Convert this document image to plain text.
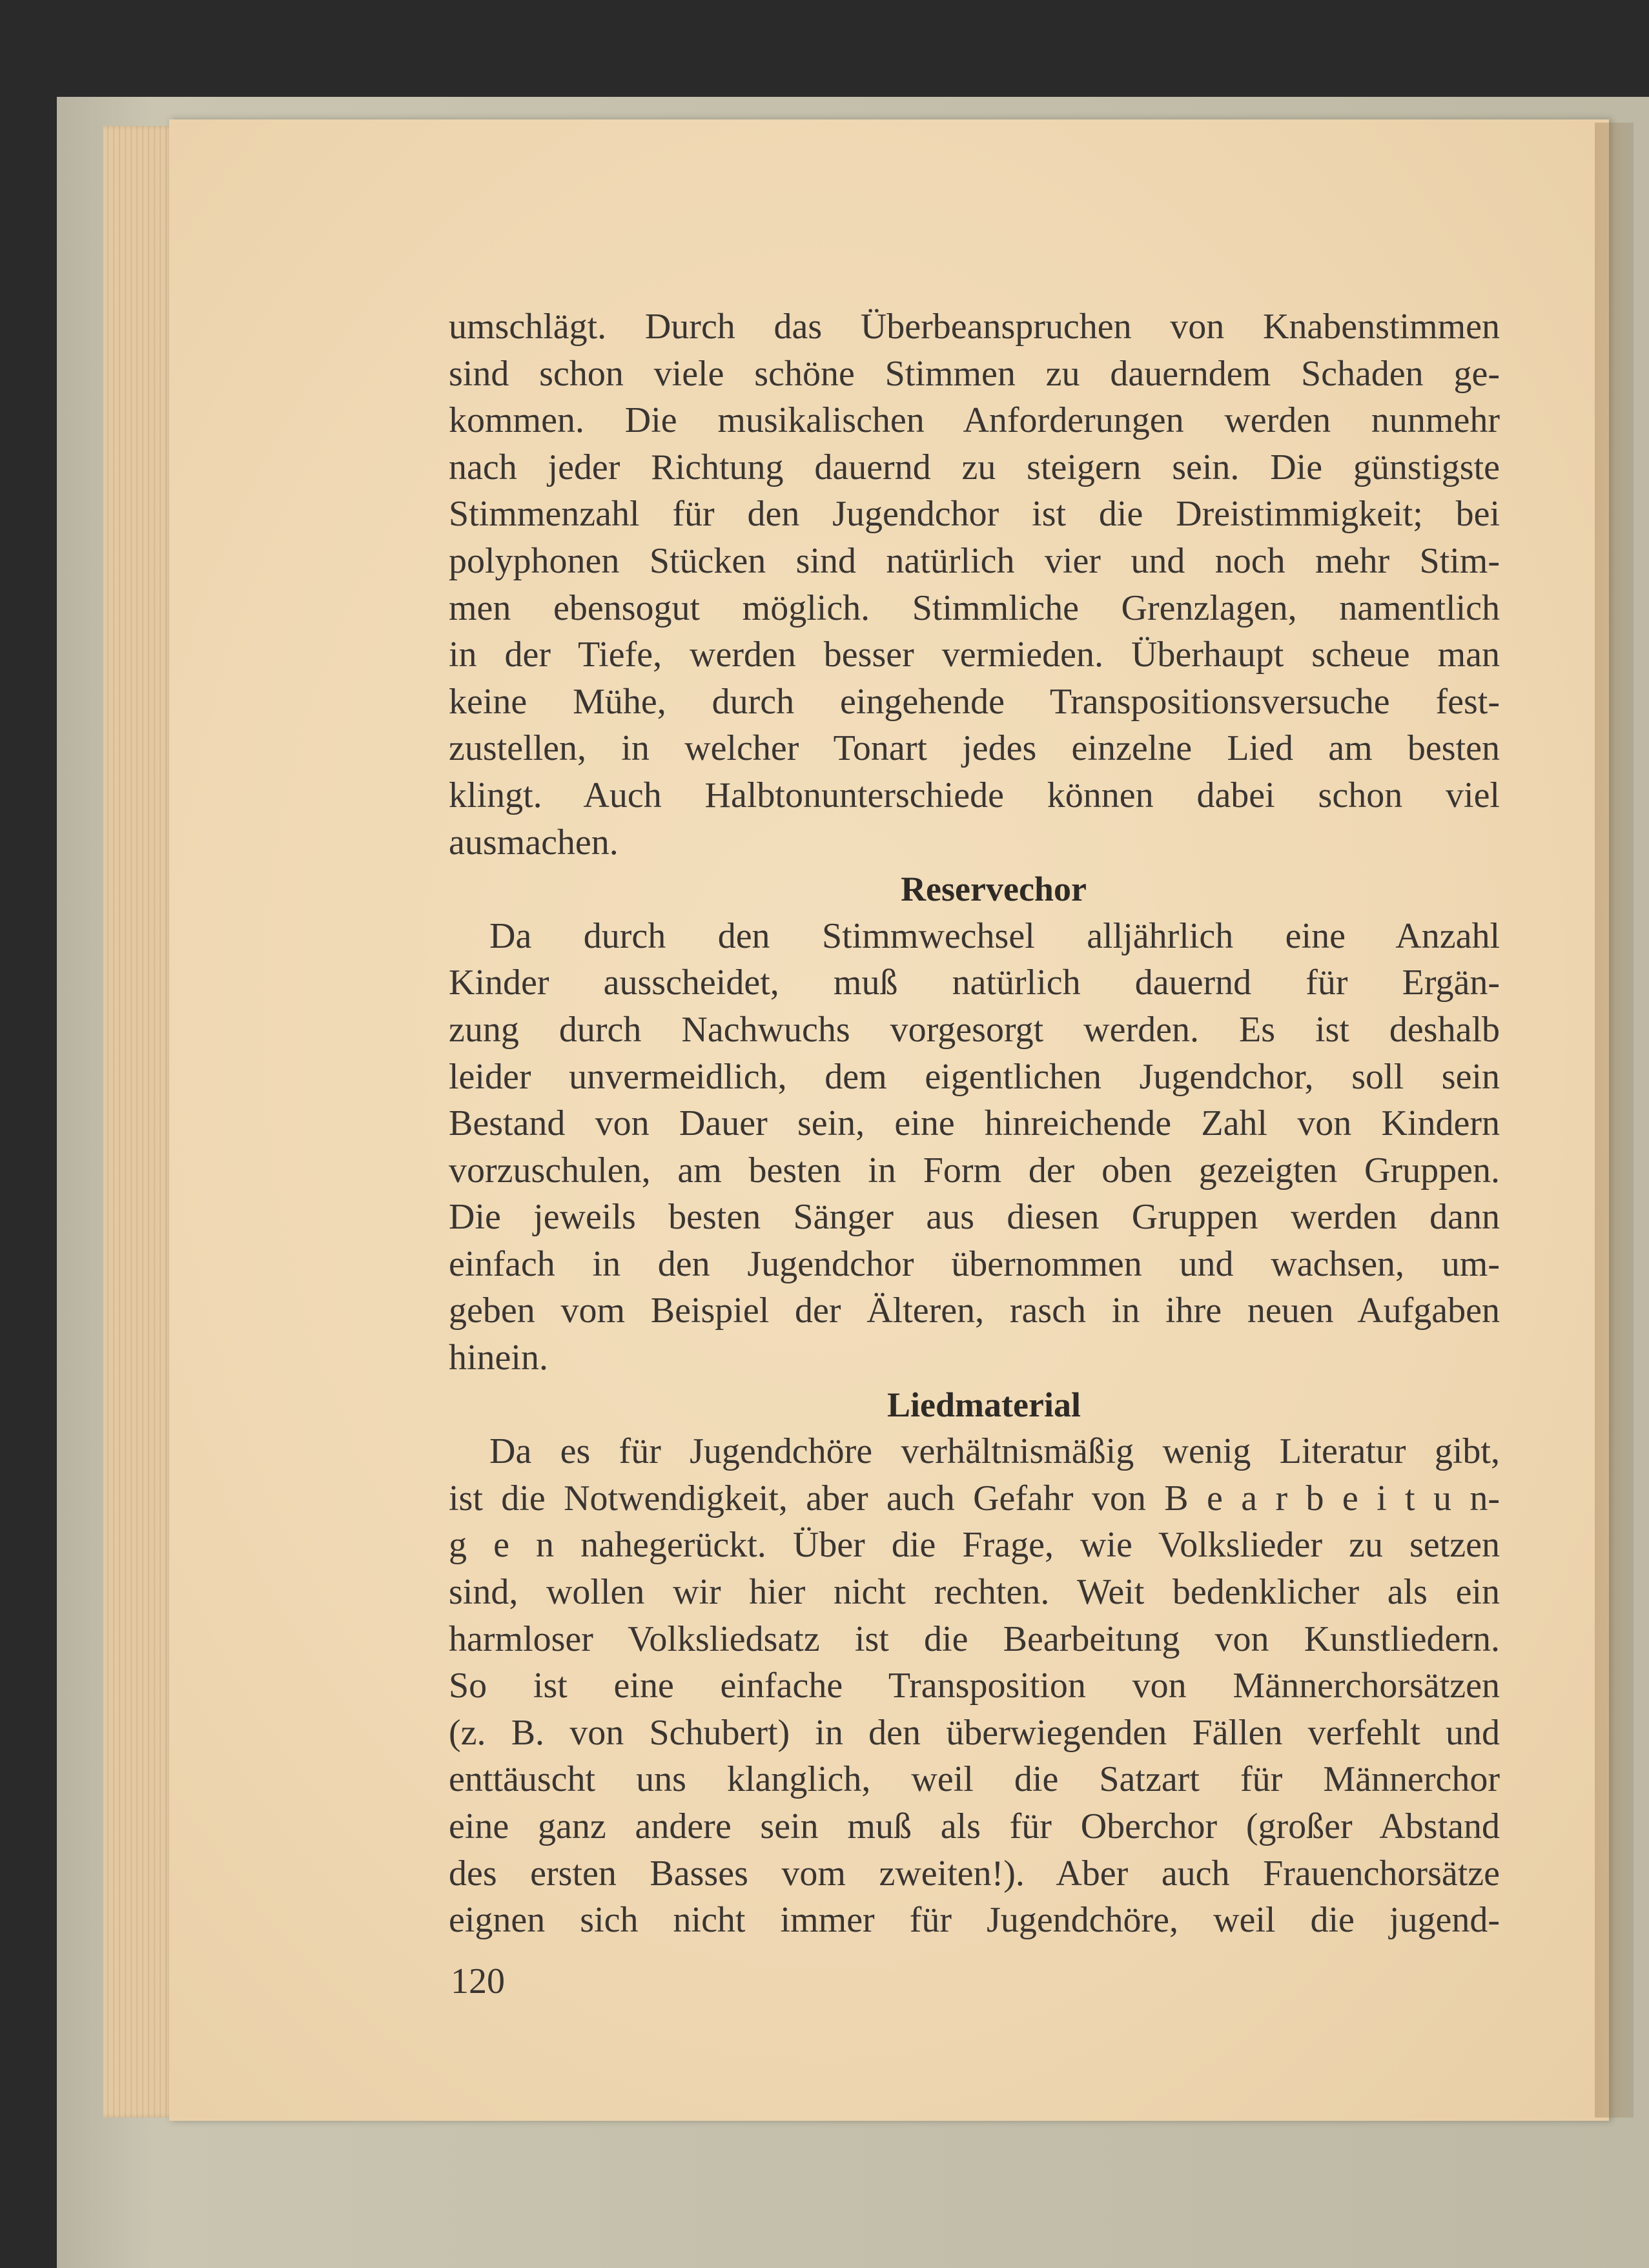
umschlägt. Durch das Überbeanspruchen von Knabenstimmen
sind schon viele schöne Stimmen zu dauerndem Schaden ge-
kommen. Die musikalischen Anforderungen werden nunmehr
nach jeder Richtung dauernd zu steigern sein. Die günstigste
Stimmenzahl für den Jugendchor ist die Dreistimmigkeit; bei
polyphonen Stücken sind natürlich vier und noch mehr Stim-
men ebensogut möglich. Stimmliche Grenzlagen, namentlich
in der Tiefe, werden besser vermieden. Überhaupt scheue man
keine Mühe, durch eingehende Transpositionsversuche fest-
zustellen, in welcher Tonart jedes einzelne Lied am besten
klingt. Auch Halbtonunterschiede können dabei schon viel
ausmachen.
Reservechor
Da durch den Stimmwechsel alljährlich eine Anzahl
Kinder ausscheidet, muß natürlich dauernd für Ergän-
zung durch Nachwuchs vorgesorgt werden. Es ist deshalb
leider unvermeidlich, dem eigentlichen Jugendchor, soll sein
Bestand von Dauer sein, eine hinreichende Zahl von Kindern
vorzuschulen, am besten in Form der oben gezeigten Gruppen.
Die jeweils besten Sänger aus diesen Gruppen werden dann
einfach in den Jugendchor übernommen und wachsen, um-
geben vom Beispiel der Älteren, rasch in ihre neuen Aufgaben
hinein.
Liedmaterial
Da es für Jugendchöre verhältnismäßig wenig Literatur gibt,
ist die Notwendigkeit, aber auch Gefahr von B e a r b e i t u n-
g e n nahegerückt. Über die Frage, wie Volkslieder zu setzen
sind, wollen wir hier nicht rechten. Weit bedenklicher als ein
harmloser Volksliedsatz ist die Bearbeitung von Kunstliedern.
So ist eine einfache Transposition von Männerchorsätzen
(z. B. von Schubert) in den überwiegenden Fällen verfehlt und
enttäuscht uns klanglich, weil die Satzart für Männerchor
eine ganz andere sein muß als für Oberchor (großer Abstand
des ersten Basses vom zweiten!). Aber auch Frauenchorsätze
eignen sich nicht immer für Jugendchöre, weil die jugend-
120
